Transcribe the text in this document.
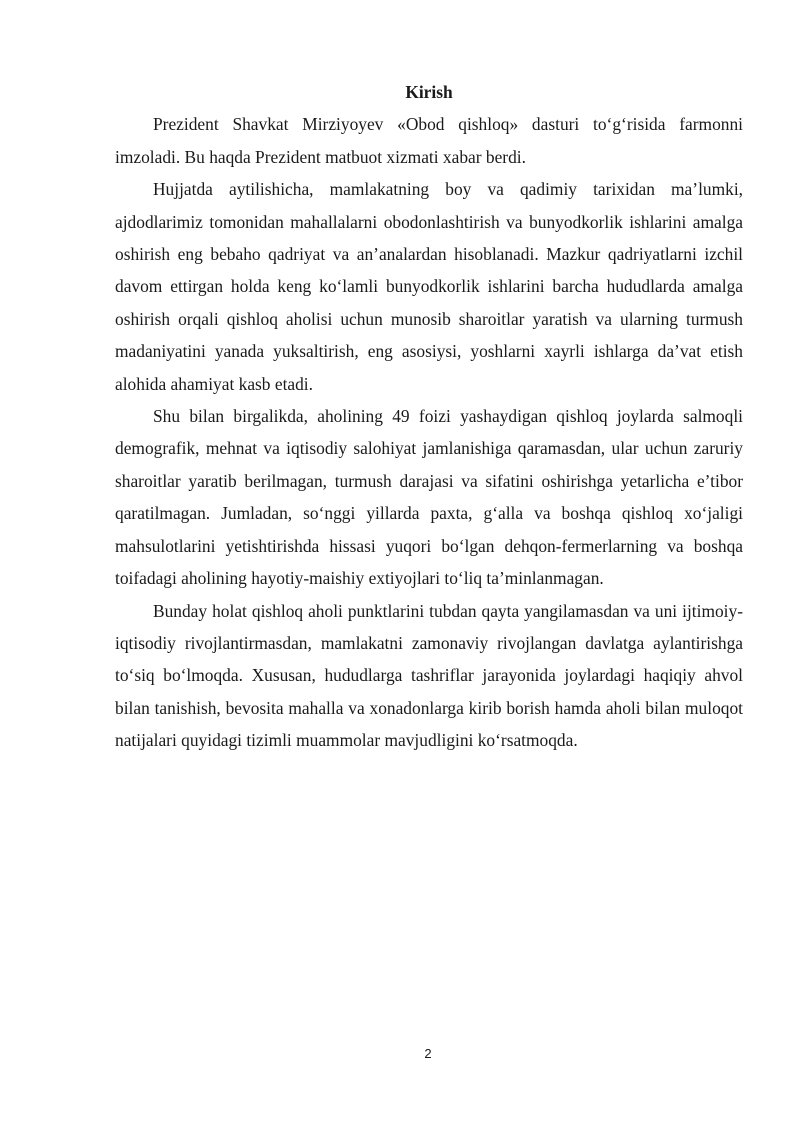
Kirish

Prezident Shavkat Mirziyoyev «Obod qishloq» dasturi to‘g‘risida farmonni imzoladi. Bu haqda Prezident matbuot xizmati xabar berdi.

Hujjatda aytilishicha, mamlakatning boy va qadimiy tarixidan ma’lumki, ajdodlarimiz tomonidan mahallalarni obodonlashtirish va bunyodkorlik ishlarini amalga oshirish eng bebaho qadriyat va an’analardan hisoblanadi. Mazkur qadriyatlarni izchil davom ettirgan holda keng ko‘lamli bunyodkorlik ishlarini barcha hududlarda amalga oshirish orqali qishloq aholisi uchun munosib sharoitlar yaratish va ularning turmush madaniyatini yanada yuksaltirish, eng asosiysi, yoshlarni xayrli ishlarga da’vat etish alohida ahamiyat kasb etadi.

Shu bilan birgalikda, aholining 49 foizi yashaydigan qishloq joylarda salmoqli demografik, mehnat va iqtisodiy salohiyat jamlanishiga qaramasdan, ular uchun zaruriy sharoitlar yaratib berilmagan, turmush darajasi va sifatini oshirishga yetarlicha e’tibor qaratilmagan. Jumladan, so‘nggi yillarda paxta, g‘alla va boshqa qishloq xo‘jaligi mahsulotlarini yetishtirishda hissasi yuqori bo‘lgan dehqon-fermerlarning va boshqa toifadagi aholining hayotiy-maishiy extiyojlari to‘liq ta’minlanmagan.

Bunday holat qishloq aholi punktlarini tubdan qayta yangilamasdan va uni ijtimoiy-iqtisodiy rivojlantirmasdan, mamlakatni zamonaviy rivojlangan davlatga aylantirishga to‘siq bo‘lmoqda. Xususan, hududlarga tashriflar jarayonida joylardagi haqiqiy ahvol bilan tanishish, bevosita mahalla va xonadonlarga kirib borish hamda aholi bilan muloqot natijalari quyidagi tizimli muammolar mavjudligini ko‘rsatmoqda.

2
